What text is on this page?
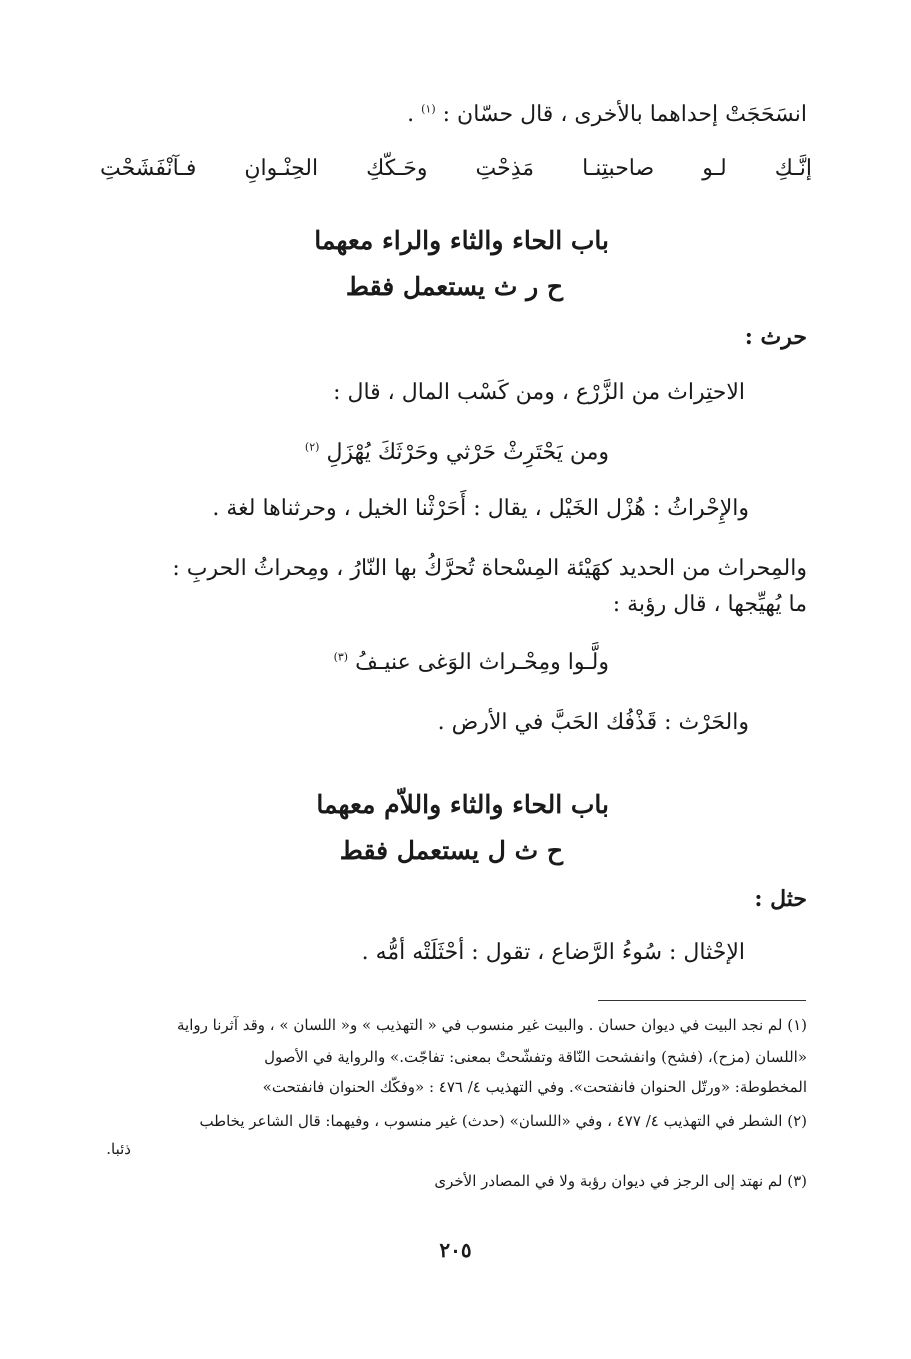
انسَحَجَتْ إحداهما بالأخرى ، قال حسّان : $^{(١)}$ .

إنَّـكِ
لـو
صاحبتِنـا
مَذِحْتِ
وحَـكّكِ
الحِنْـوانِ
فـآنْفَشَحْتِ

باب الحاء والثاء والراء معهما

ح ر ث يستعمل فقط

حرث :

الاحتِراث من الزَّرْع ، ومن كَسْب المال ، قال :

ومن يَحْتَرِثْ حَرْثي وحَرْثَكَ يُهْزَلِ $^{(٢)}$

والإِحْراثُ : هُزْل الخَيْل ، يقال : أَحَرْثْنا الخيل ، وحرثناها لغة .

والمِحراث من الحديد كهَيْئة المِسْحاة تُحرَّكُ بها النّارُ ، ومِحراثُ الحربِ :

ما يُهيِّجها ، قال رؤبة :

ولَّـوا ومِحْـراث الوَغى عنيـفُ $^{(٣)}$

والحَرْث : قَذْفُك الحَبَّ في الأرض .

باب الحاء والثاء واللاّم معهما

ح ث ل يستعمل فقط

حثل :

الإحْثال : سُوءُ الرَّضاع ، تقول : أحْثَلَتْه أمُّه .

(١) لم نجد البيت في ديوان حسان . والبيت غير منسوب في « التهذيب » و« اللسان » ، وقد آثرنا رواية

«اللسان (مزح)، (فشح) وانفشحت النّاقة وتفشّحتْ بمعنى: تفاجّت.» والرواية في الأصول

المخطوطة: «ورتّل الحنوان فانفتحت». وفي التهذيب ٤/ ٤٧٦ : «وفكّك الحنوان فانفتحت»

(٢) الشطر في التهذيب ٤/ ٤٧٧ ، وفي «اللسان» (حدث) غير منسوب ، وفيهما: قال الشاعر يخاطب

ذئبا.

(٣) لم نهتد إلى الرجز في ديوان رؤبة ولا في المصادر الأخرى

٢٠٥
